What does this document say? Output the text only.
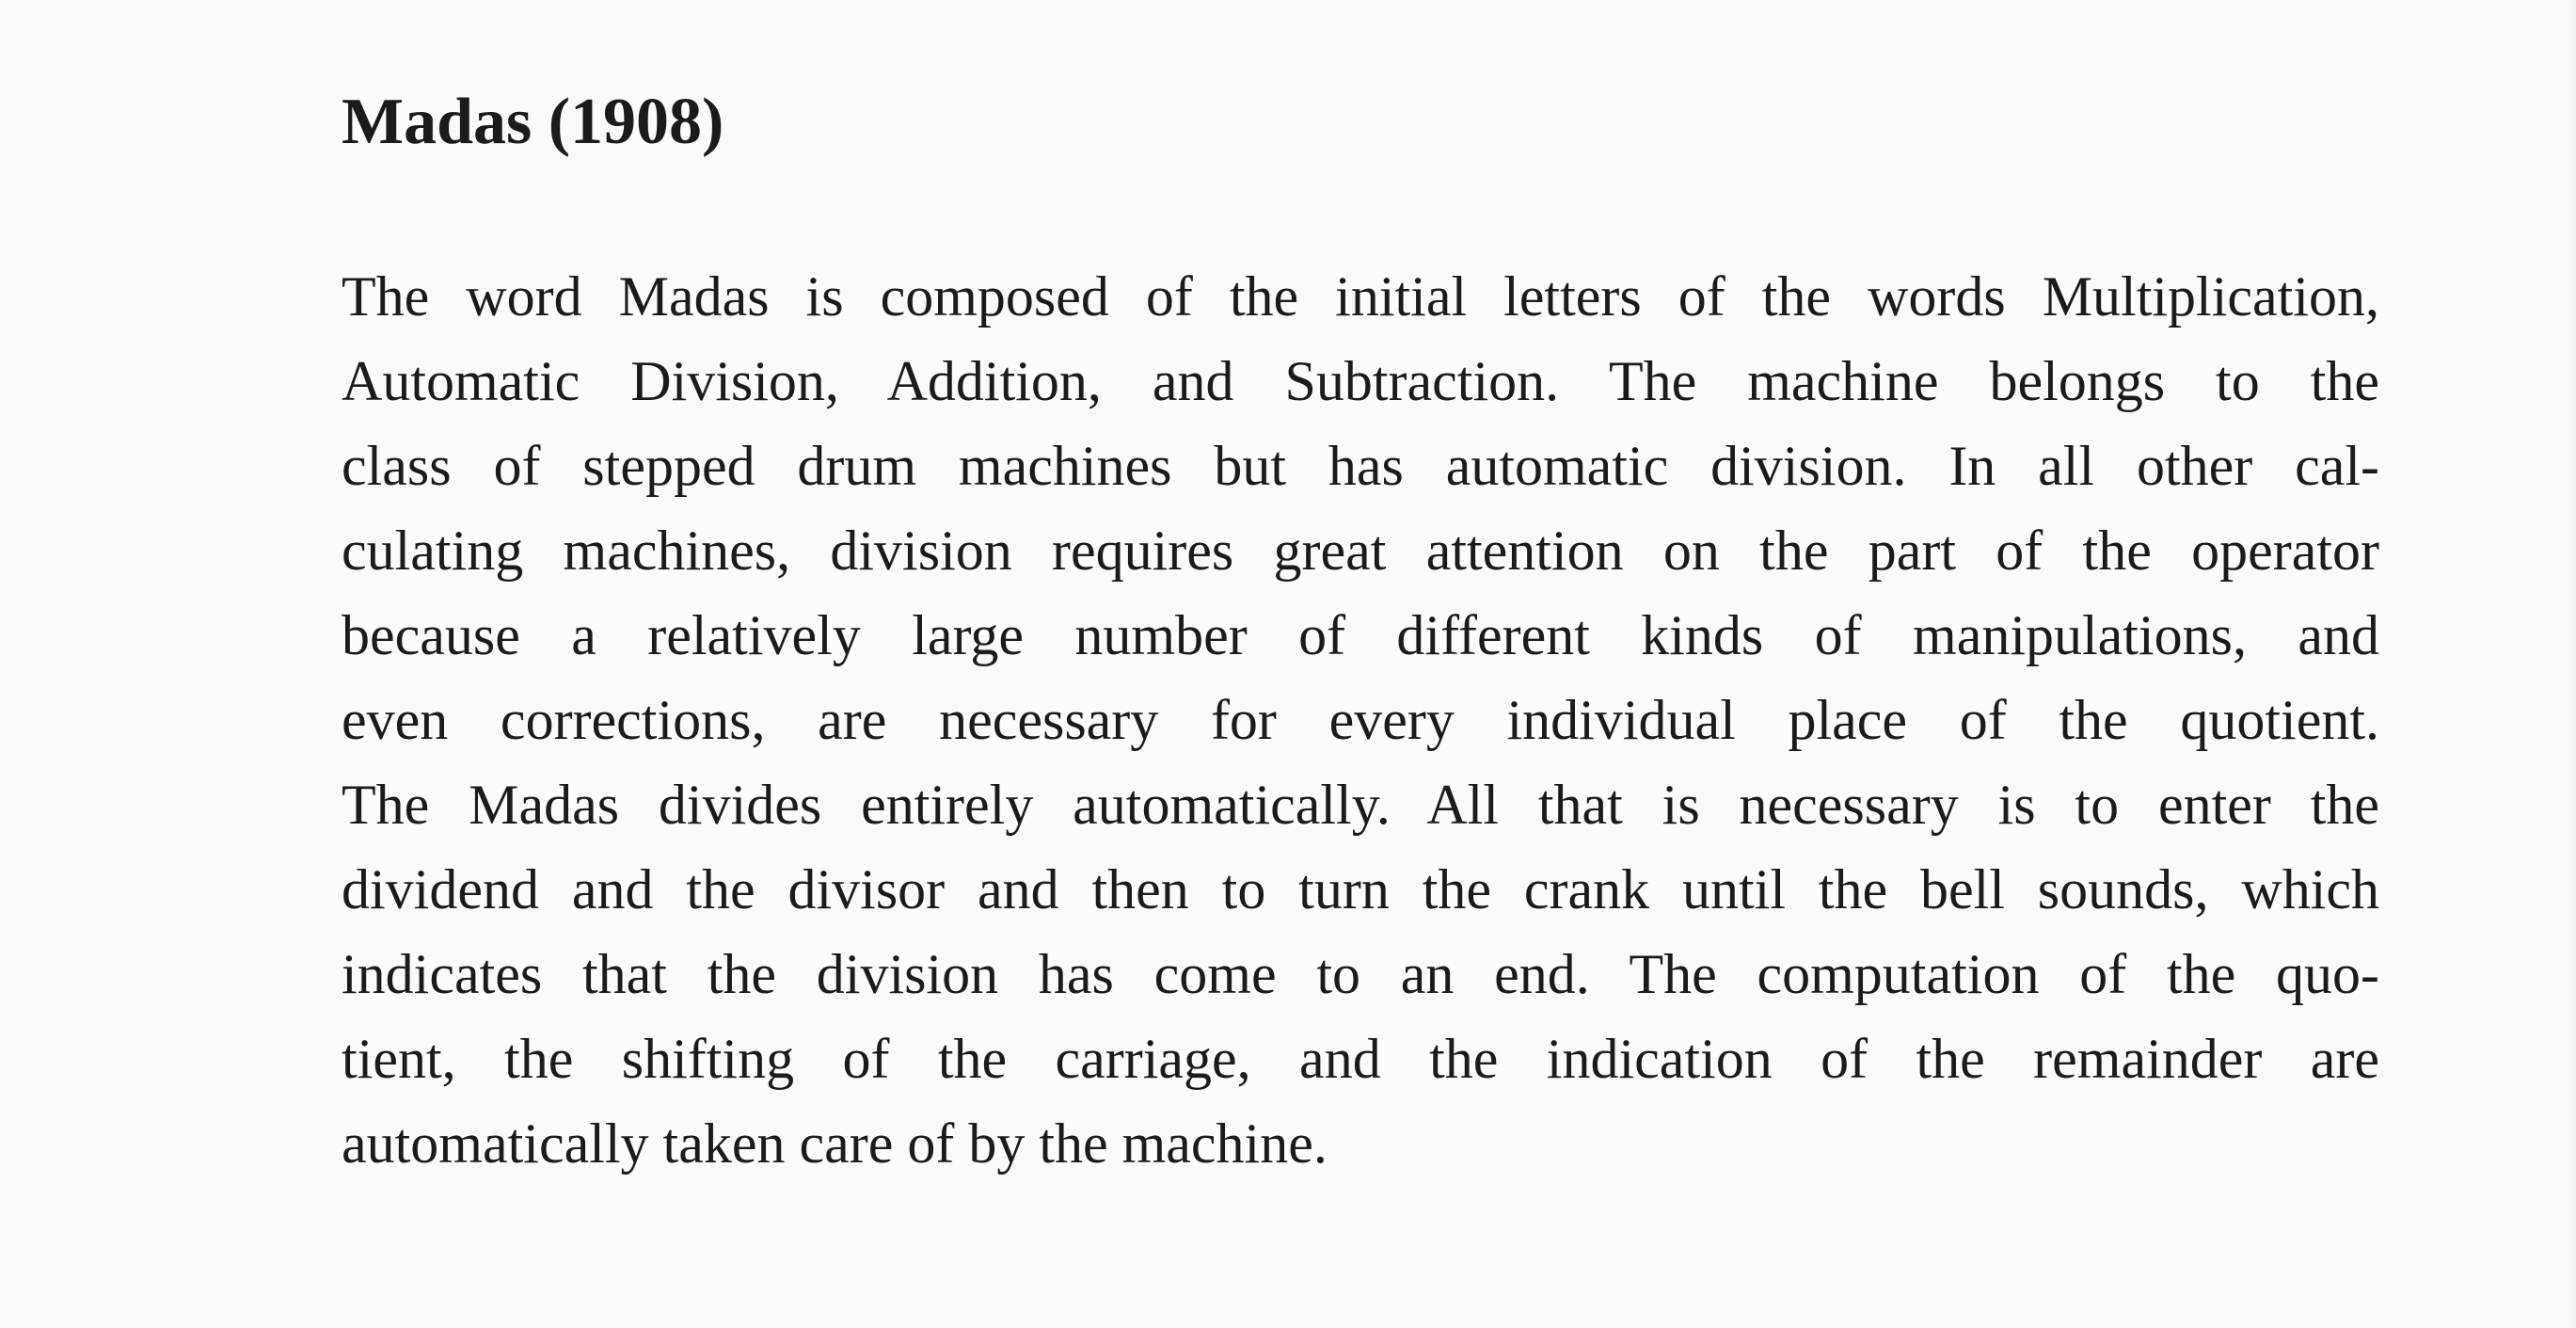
Madas (1908)
The word Madas is composed of the initial letters of the words Multiplication,
Automatic Division, Addition, and Subtraction. The machine belongs to the
class of stepped drum machines but has automatic division. In all other cal-
culating machines, division requires great attention on the part of the operator
because a relatively large number of different kinds of manipulations, and
even corrections, are necessary for every individual place of the quotient.
The Madas divides entirely automatically. All that is necessary is to enter the
dividend and the divisor and then to turn the crank until the bell sounds, which
indicates that the division has come to an end. The computation of the quo-
tient, the shifting of the carriage, and the indication of the remainder are
automatically taken care of by the machine.
